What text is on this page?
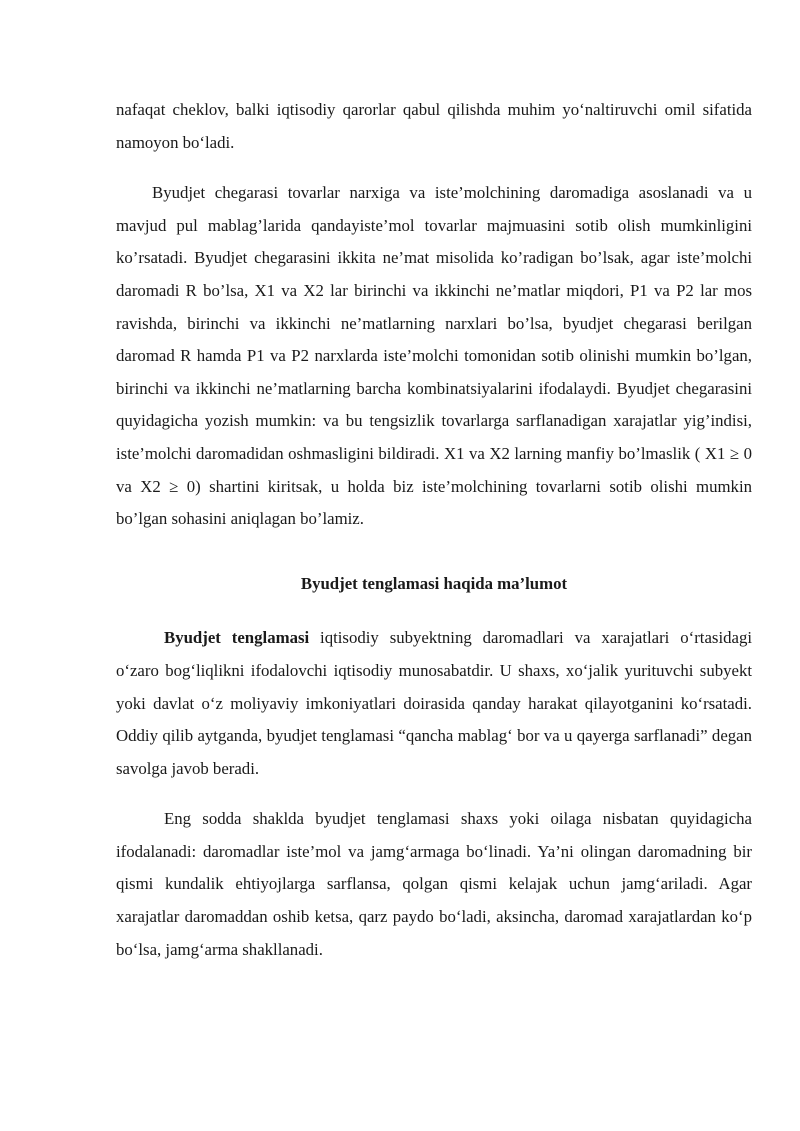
nafaqat cheklov, balki iqtisodiy qarorlar qabul qilishda muhim yo‘naltiruvchi omil sifatida namoyon bo‘ladi.

Byudjet chegarasi tovarlar narxiga va iste’molchining daromadiga asoslanadi va u mavjud pul mablag’larida qandayiste’mol tovarlar majmuasini sotib olish mumkinligini ko’rsatadi. Byudjet chegarasini ikkita ne’mat misolida ko’radigan bo’lsak, agar iste’molchi daromadi R bo’lsa, X1 va X2 lar birinchi va ikkinchi ne’matlar miqdori, P1 va P2 lar mos ravishda, birinchi va ikkinchi ne’matlarning narxlari bo’lsa, byudjet chegarasi berilgan daromad R hamda P1 va P2 narxlarda iste’molchi tomonidan sotib olinishi mumkin bo’lgan, birinchi va ikkinchi ne’matlarning barcha kombinatsiyalarini ifodalaydi. Byudjet chegarasini quyidagicha yozish mumkin: va bu tengsizlik tovarlarga sarflanadigan xarajatlar yig’indisi, iste’molchi daromadidan oshmasligini bildiradi. X1 va X2 larning manfiy bo’lmaslik ( X1 ≥ 0 va X2 ≥ 0) shartini kiritsak, u holda biz iste’molchining tovarlarni sotib olishi mumkin bo’lgan sohasini aniqlagan bo’lamiz.

Byudjet tenglamasi haqida ma’lumot

Byudjet tenglamasi iqtisodiy subyektning daromadlari va xarajatlari o‘rtasidagi o‘zaro bog‘liqlikni ifodalovchi iqtisodiy munosabatdir. U shaxs, xo‘jalik yurituvchi subyekt yoki davlat o‘z moliyaviy imkoniyatlari doirasida qanday harakat qilayotganini ko‘rsatadi. Oddiy qilib aytganda, byudjet tenglamasi “qancha mablag‘ bor va u qayerga sarflanadi” degan savolga javob beradi.

Eng sodda shaklda byudjet tenglamasi shaxs yoki oilaga nisbatan quyidagicha ifodalanadi: daromadlar iste’mol va jamg‘armaga bo‘linadi. Ya’ni olingan daromadning bir qismi kundalik ehtiyojlarga sarflansa, qolgan qismi kelajak uchun jamg‘ariladi. Agar xarajatlar daromaddan oshib ketsa, qarz paydo bo‘ladi, aksincha, daromad xarajatlardan ko‘p bo‘lsa, jamg‘arma shakllanadi.
